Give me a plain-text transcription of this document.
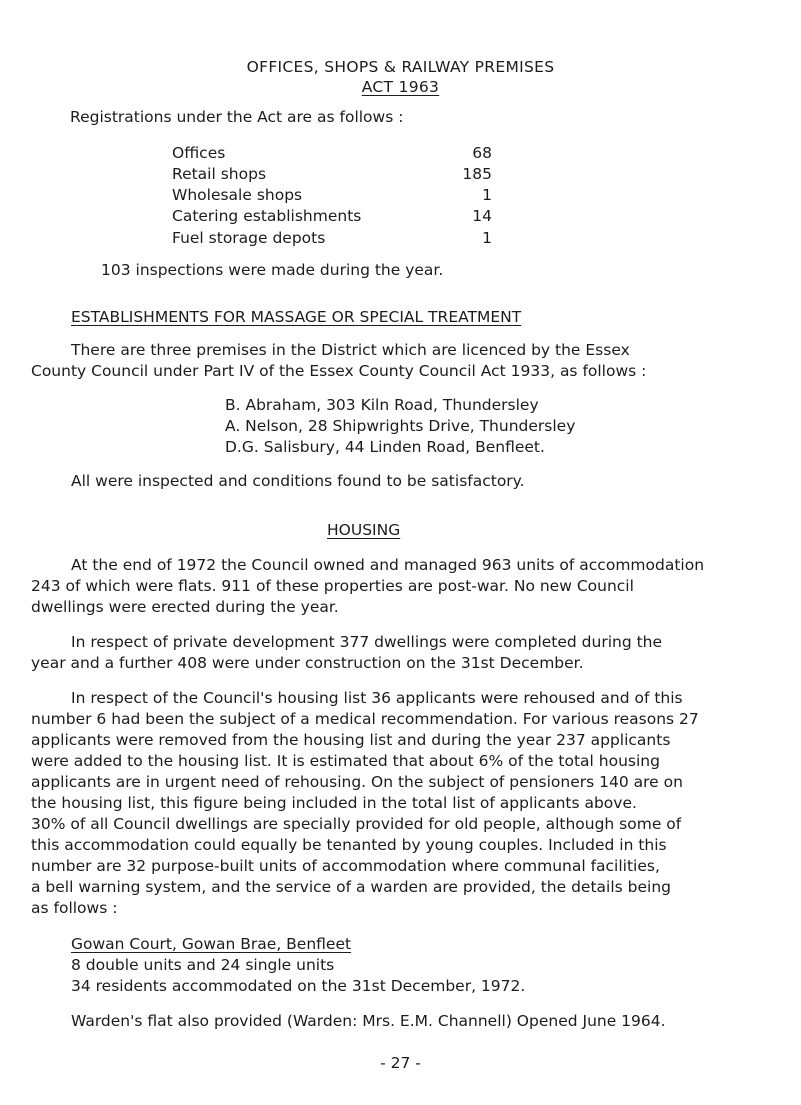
OFFICES, SHOPS & RAILWAY PREMISES
ACT 1963
Registrations under the Act are as follows :
Offices	68
Retail shops	185
Wholesale shops	1
Catering establishments	14
Fuel storage depots	1
103 inspections were made during the year.
ESTABLISHMENTS FOR MASSAGE OR SPECIAL TREATMENT
There are three premises in the District which are licenced by the Essex
County Council under Part IV of the Essex County Council Act 1933, as follows :
B. Abraham, 303 Kiln Road, Thundersley
A. Nelson, 28 Shipwrights Drive, Thundersley
D.G. Salisbury, 44 Linden Road, Benfleet.
All were inspected and conditions found to be satisfactory.
HOUSING
At the end of 1972 the Council owned and managed 963 units of accommodation
243 of which were flats. 911 of these properties are post-war. No new Council
dwellings were erected during the year.
In respect of private development 377 dwellings were completed during the
year and a further 408 were under construction on the 31st December.
In respect of the Council's housing list 36 applicants were rehoused and of this
number 6 had been the subject of a medical recommendation. For various reasons 27
applicants were removed from the housing list and during the year 237 applicants
were added to the housing list. It is estimated that about 6% of the total housing
applicants are in urgent need of rehousing. On the subject of pensioners 140 are on
the housing list, this figure being included in the total list of applicants above.
30% of all Council dwellings are specially provided for old people, although some of
this accommodation could equally be tenanted by young couples. Included in this
number are 32 purpose-built units of accommodation where communal facilities,
a bell warning system, and the service of a warden are provided, the details being
as follows :
Gowan Court, Gowan Brae, Benfleet
8 double units and 24 single units
34 residents accommodated on the 31st December, 1972.
Warden's flat also provided (Warden: Mrs. E.M. Channell) Opened June 1964.
- 27 -
